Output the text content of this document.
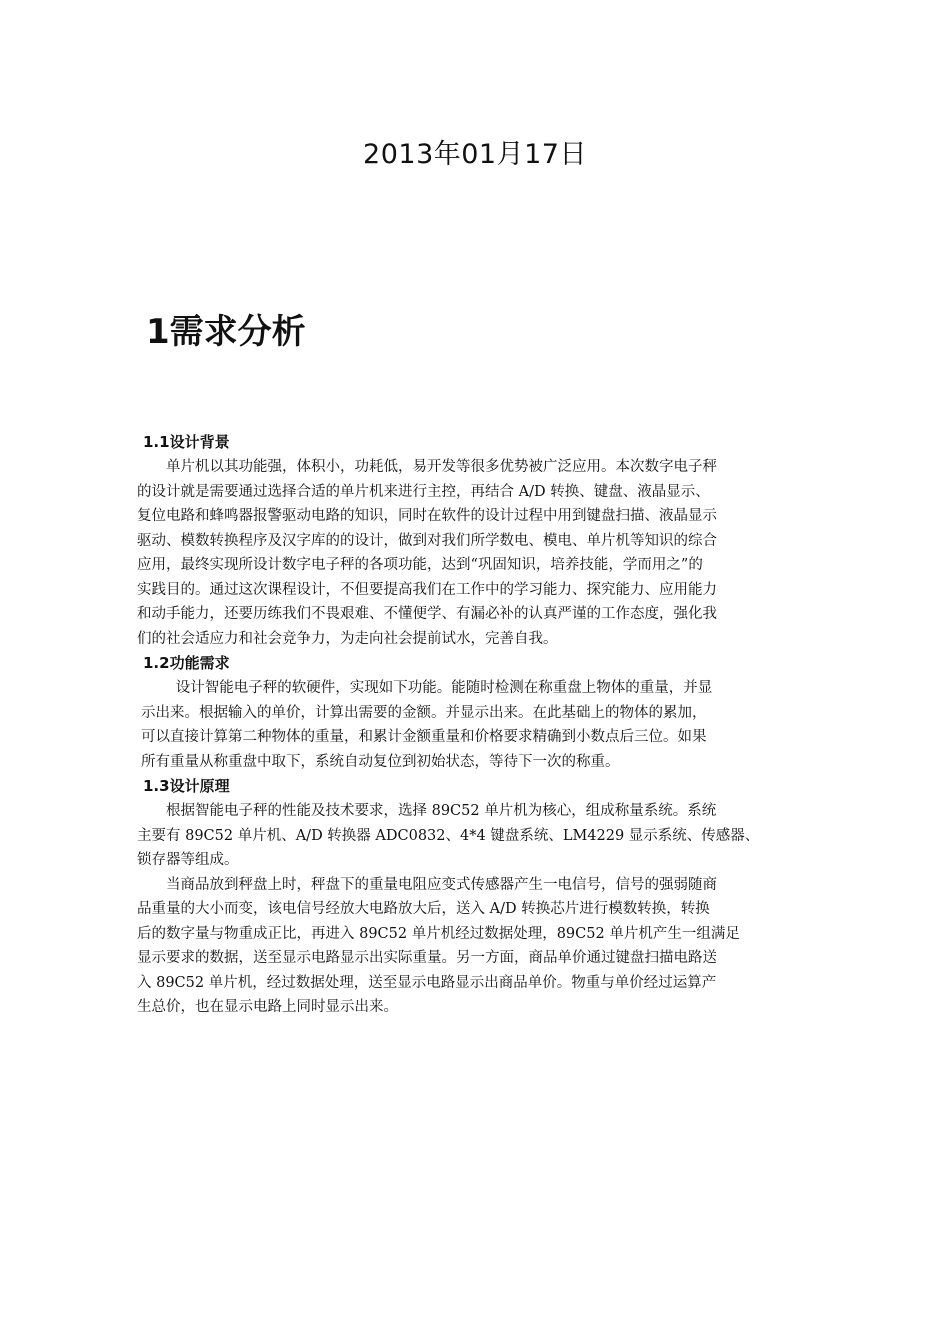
2013年01月17日
1需求分析
1.1设计背景

单片机以其功能强，体积小，功耗低，易开发等很多优势被广泛应用。本次数字电子秤
的设计就是需要通过选择合适的单片机来进行主控，再结合 A/D 转换、键盘、液晶显示、
复位电路和蜂鸣器报警驱动电路的知识，同时在软件的设计过程中用到键盘扫描、液晶显示
驱动、模数转换程序及汉字库的的设计，做到对我们所学数电、模电、单片机等知识的综合
应用，最终实现所设计数字电子秤的各项功能，达到“巩固知识，培养技能，学而用之”的
实践目的。通过这次课程设计，不但要提高我们在工作中的学习能力、探究能力、应用能力
和动手能力，还要历练我们不畏艰难、不懂便学、有漏必补的认真严谨的工作态度，强化我
们的社会适应力和社会竞争力，为走向社会提前试水，完善自我。

1.2功能需求

设计智能电子秤的软硬件，实现如下功能。能随时检测在称重盘上物体的重量，并显
示出来。根据输入的单价，计算出需要的金额。并显示出来。在此基础上的物体的累加，
可以直接计算第二种物体的重量，和累计金额重量和价格要求精确到小数点后三位。如果
所有重量从称重盘中取下，系统自动复位到初始状态，等待下一次的称重。

1.3设计原理

根据智能电子秤的性能及技术要求，选择 89C52 单片机为核心，组成称量系统。系统
主要有 89C52 单片机、A/D 转换器 ADC0832、4*4 键盘系统、LM4229 显示系统、传感器、
锁存器等组成。

当商品放到秤盘上时，秤盘下的重量电阻应变式传感器产生一电信号，信号的强弱随商
品重量的大小而变，该电信号经放大电路放大后，送入 A/D 转换芯片进行模数转换，转换
后的数字量与物重成正比，再进入 89C52 单片机经过数据处理，89C52 单片机产生一组满足
显示要求的数据，送至显示电路显示出实际重量。另一方面，商品单价通过键盘扫描电路送
入 89C52 单片机，经过数据处理，送至显示电路显示出商品单价。物重与单价经过运算产
生总价，也在显示电路上同时显示出来。
